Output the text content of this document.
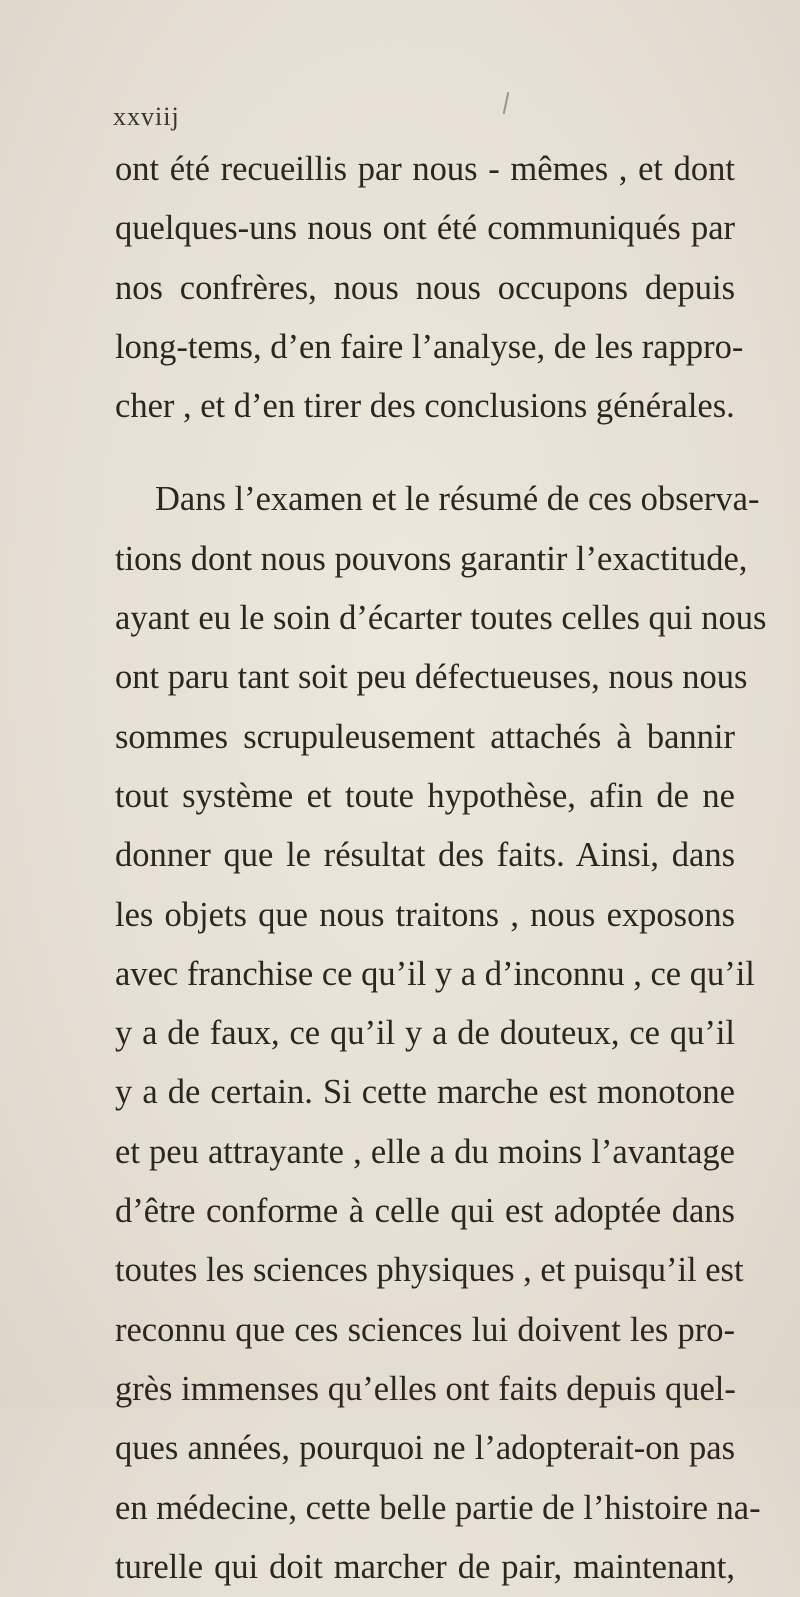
xxviij
ont été recueillis par nous - mêmes , et dont
quelques-uns nous ont été communiqués par
nos confrères, nous nous occupons depuis
long-tems, d’en faire l’analyse, de les rappro-
cher , et d’en tirer des conclusions générales.
Dans l’examen et le résumé de ces observa-
tions dont nous pouvons garantir l’exactitude,
ayant eu le soin d’écarter toutes celles qui nous
ont paru tant soit peu défectueuses, nous nous
sommes scrupuleusement attachés à bannir
tout système et toute hypothèse, afin de ne
donner que le résultat des faits. Ainsi, dans
les objets que nous traitons , nous exposons
avec franchise ce qu’il y a d’inconnu , ce qu’il
y a de faux, ce qu’il y a de douteux, ce qu’il
y a de certain. Si cette marche est monotone
et peu attrayante , elle a du moins l’avantage
d’être conforme à celle qui est adoptée dans
toutes les sciences physiques , et puisqu’il est
reconnu que ces sciences lui doivent les pro-
grès immenses qu’elles ont faits depuis quel-
ques années, pourquoi ne l’adopterait-on pas
en médecine, cette belle partie de l’histoire na-
turelle qui doit marcher de pair, maintenant,
